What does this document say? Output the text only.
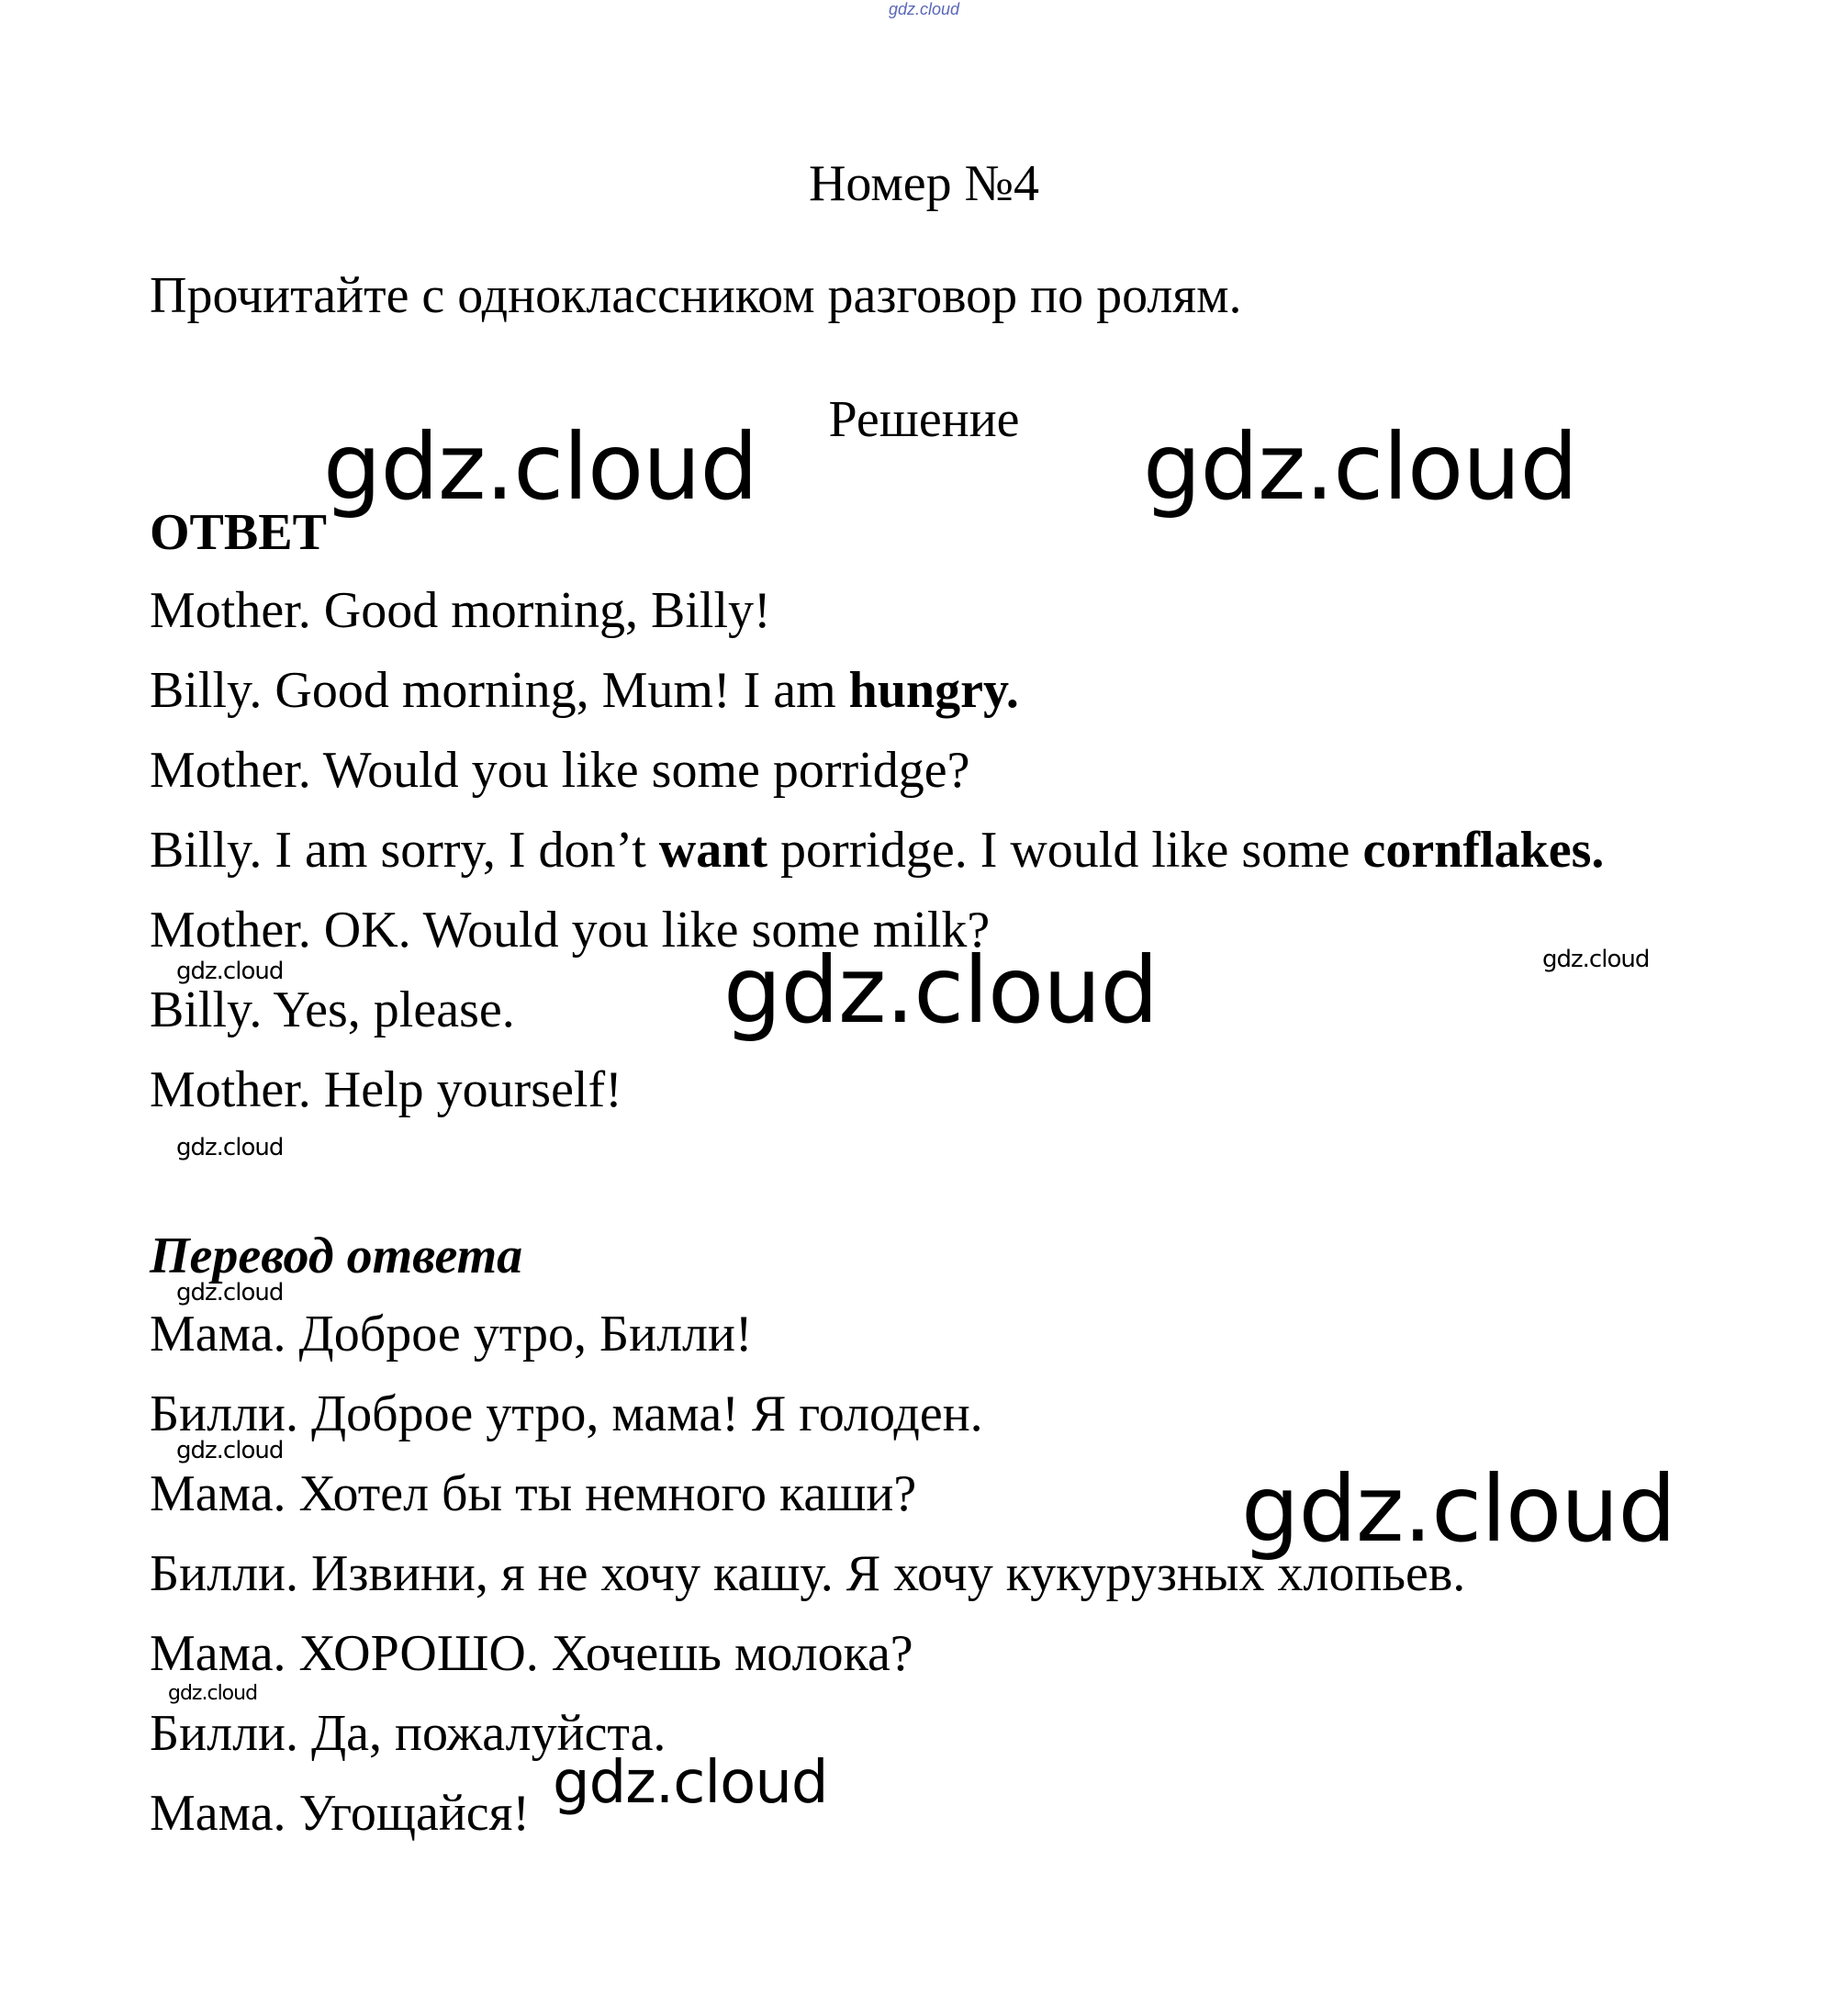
gdz.cloud
Номер №4
Прочитайте с одноклассником разговор по ролям.
Решение
ОТВЕТ
Mother. Good morning, Billy!
Billy. Good morning, Mum! I am hungry.
Mother. Would you like some porridge?
Billy. I am sorry, I don’t want porridge. I would like some cornflakes.
Mother. OK. Would you like some milk?
Billy. Yes, please.
Mother. Help yourself!
Перевод ответа
Мама. Доброе утро, Билли!
Билли. Доброе утро, мама! Я голоден.
Мама. Хотел бы ты немного каши?
Билли. Извини, я не хочу кашу. Я хочу кукурузных хлопьев.
Мама. ХОРОШО. Хочешь молока?
Билли. Да, пожалуйста.
Мама. Угощайся!
gdz.cloud	gdz.cloud
gdz.cloud
gdz.cloud
gdz.cloud
gdz.cloud
gdz.cloud
gdz.cloud
gdz.cloud
gdz.cloud
gdz.cloud
